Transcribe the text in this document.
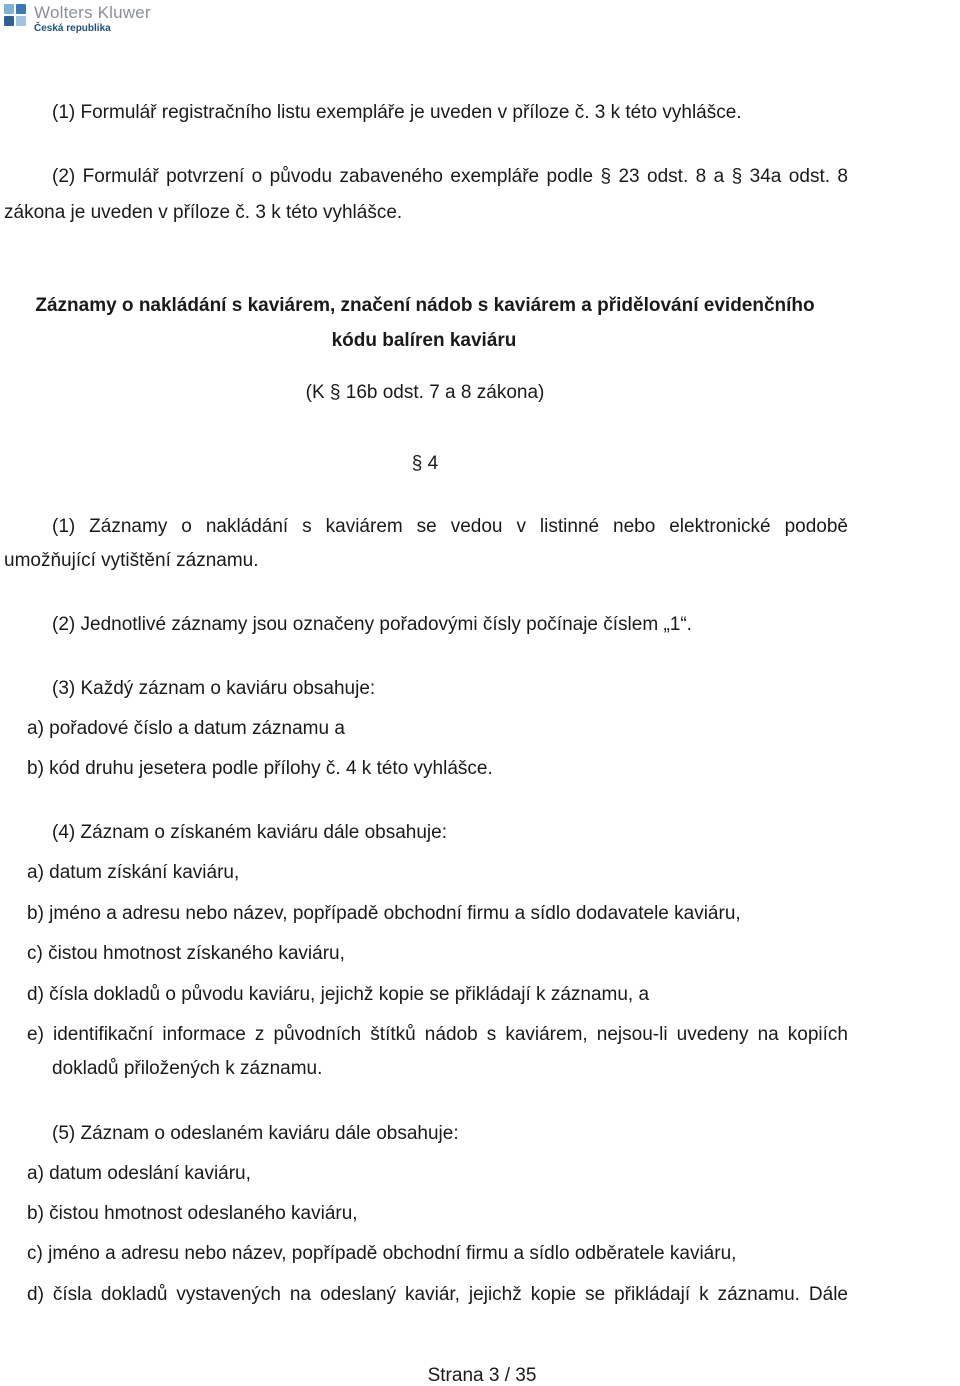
Wolters Kluwer
Česká republika
(1) Formulář registračního listu exempláře je uveden v příloze č. 3 k této vyhlášce.
(2) Formulář potvrzení o původu zabaveného exempláře podle § 23 odst. 8 a § 34a odst. 8
zákona je uveden v příloze č. 3 k této vyhlášce.
Záznamy o nakládání s kaviárem, značení nádob s kaviárem a přidělování evidenčního
kódu balíren kaviáru
(K § 16b odst. 7 a 8 zákona)
§ 4
(1) Záznamy o nakládání s kaviárem se vedou v listinné nebo elektronické podobě
umožňující vytištění záznamu.
(2) Jednotlivé záznamy jsou označeny pořadovými čísly počínaje číslem „1“.
(3) Každý záznam o kaviáru obsahuje:
a) pořadové číslo a datum záznamu a
b) kód druhu jesetera podle přílohy č. 4 k této vyhlášce.
(4) Záznam o získaném kaviáru dále obsahuje:
a) datum získání kaviáru,
b) jméno a adresu nebo název, popřípadě obchodní firmu a sídlo dodavatele kaviáru,
c) čistou hmotnost získaného kaviáru,
d) čísla dokladů o původu kaviáru, jejichž kopie se přikládají k záznamu, a
e) identifikační informace z původních štítků nádob s kaviárem, nejsou-li uvedeny na kopiích
dokladů přiložených k záznamu.
(5) Záznam o odeslaném kaviáru dále obsahuje:
a) datum odeslání kaviáru,
b) čistou hmotnost odeslaného kaviáru,
c) jméno a adresu nebo název, popřípadě obchodní firmu a sídlo odběratele kaviáru,
d) čísla dokladů vystavených na odeslaný kaviár, jejichž kopie se přikládají k záznamu. Dále
Strana 3 / 35
